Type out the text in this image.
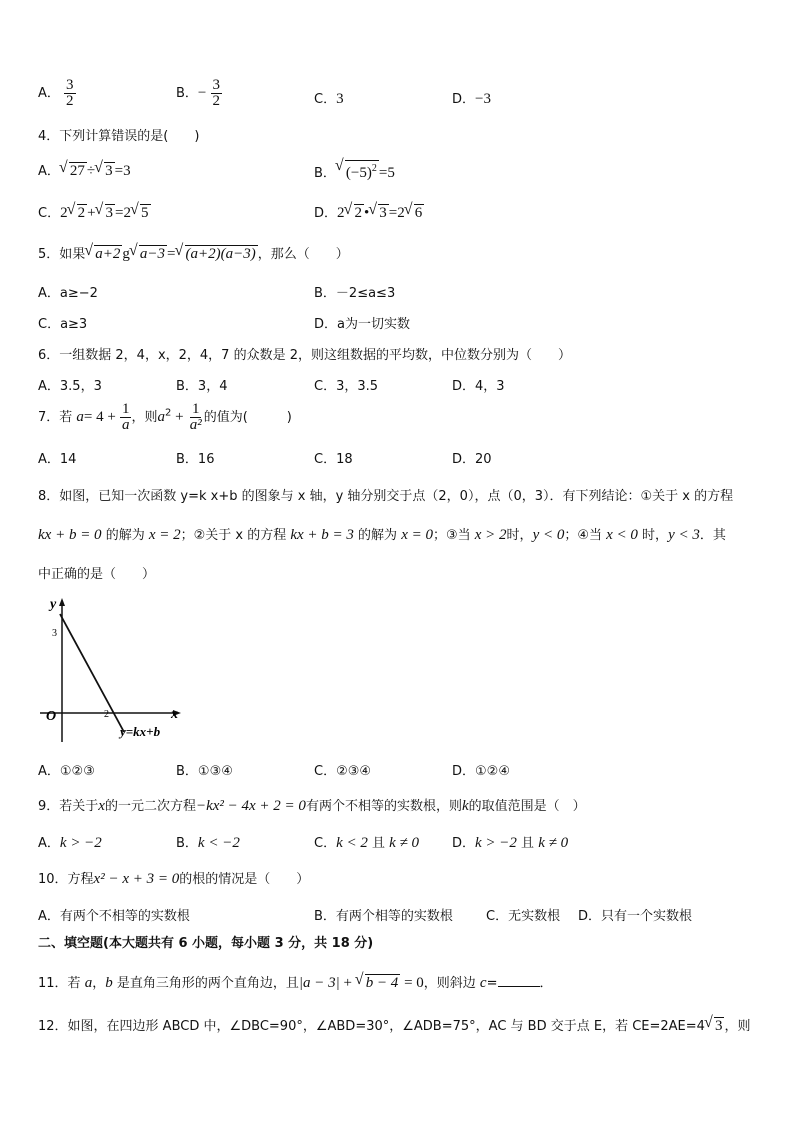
A． $\frac{3}{2}$	B．− $\frac{3}{2}$	C．3	D．−3
4．下列计算错误的是(　　)
A． √ 27 ÷ √ 3 =3	B． √ $(-5)^2 =5$
C．2 √ 2 + √ 3 =2 √ 5	D．2 √ 2 • √ 3 =2 √ 6
5．如果 √ a+2 g √ a−3 = √ (a+2)(a−3) ，那么（　　）
A．a≥−2	B．－2≤a≤3
C．a≥3	D．a为一切实数
6．一组数据 2，4，x，2，4，7 的众数是 2，则这组数据的平均数，中位数分别为（　　）
A．3.5，3	B．3，4	C．3，3.5	D．4，3
7．若 $a= 4 + \frac{1}{a}$ ，则$a^2 + \frac{1}{\text{a²}}$ 的值为(　　　)
A．14	B．16	C．18	D．20
8．如图，已知一次函数 y=k x+b 的图象与 x 轴，y 轴分别交于点（2，0），点（0，3）．有下列结论：①关于 x 的方程
kx + b = 0 的解为 x = 2；②关于 x 的方程 kx + b = 3 的解为 x = 0；③当 x > 2时，y < 0；④当 x < 0 时，y < 3．其
中正确的是（　　）
y
3
O	2	x
y=kx+b
A．①②③	B．①③④	C．②③④	D．①②④
9．若关于x的一元二次方程−kx² − 4x + 2 = 0有两个不相等的实数根，则k的取值范围是（　）
A．k > −2	B．k < −2	C．k < 2 且 k ≠ 0	D．k > −2 且 k ≠ 0
10．方程x² − x + 3 = 0的根的情况是（　　）
A．有两个不相等的实数根	B．有两个相等的实数根	C．无实数根 D．只有一个实数根
二、填空题(本大题共有 6 小题，每小题 3 分，共 18 分)
11．若 a，b 是直角三角形的两个直角边，且|a − 3| + √ b − 4 = 0，则斜边 c=	．
12．如图，在四边形 ABCD 中，∠DBC=90°，∠ABD=30°，∠ADB=75°，AC 与 BD 交于点 E，若 CE=2AE=4 √ 3 ，则
